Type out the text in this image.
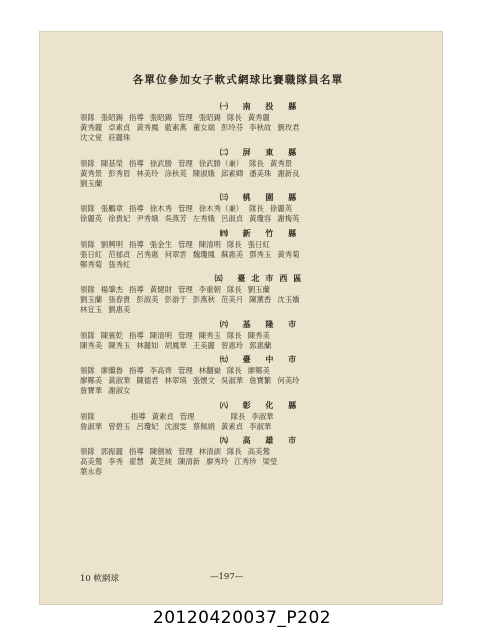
各單位參加女子軟式網球比賽職隊員名單
㈠ 南 投 縣
領隊 張昭錫 指導 張昭錫 管理 張昭錫 隊長 黃秀麗
黃秀麗 卓素貞 黃秀鳳 藍素燕 董女端 彭玲芬 李秋故 劉玫君
沈文覚 莊麗珠
㈡ 屏 東 縣
領隊 陳基榮 指導 徐武勝 管理 徐武勝（兼） 隊長 黃秀景
黃秀景 彭秀眉 林美玲 涂秋英 陳淑娥 邱素卿 潘美珠 謝新良
劉玉蘭
㈢ 桃 園 縣
領隊 張鵬章 指導 徐木秀 管理 徐木秀（兼） 隊長 徐麗英
徐麗英 徐貴妃 尹秀娥 吳燕芳 左秀娥 呂淑貞 黃瓊容 謝梅英
㈣ 新 竹 縣
領隊 劉興明 指導 張金生 管理 陳清明 隊長 張日紅
張日紅 范郁貞 呂秀惠 何翠雲 魏瓊鳳 蘇惠美 鄧秀玉 黃秀菊
鄭秀菊 張秀紅
㈤ 臺北市西區
領隊 楊肇杰 指導 黃健財 管理 李重朝 隊長 劉玉蘭
劉玉蘭 張春貴 彭淑美 彭游于 彭燕秋 范美月 陳薰香 沈玉嬌
林宜玉 劉惠美
㈥ 基 隆 市
領隊 陳賓乾 指導 陳清明 管理 陳秀玉 隊長 陳秀美
陳秀美 陳秀玉 林麗如 胡鳳華 王美麗 曾惠玲 郭惠蘭
㈦ 臺 中 市
領隊 廖繼魯 指導 李高齊 管理 林翻嶽 隊長 廖鄭美
廖鄭美 黃淑華 陳德君 林翠瑛 張懷文 吳淑華 詹寶繁 何美玲
詹寶華 謝淑女
㈧ 彰 化 縣
領隊	指導 黃素貞 管理	隊長 李淑華
詹淑華 曾碧玉 呂瓊妃 沈淑雯 蔡佩娟 黃素貞 李淑華
㈨ 高 雄 市
領隊 郭振麗 指導 陳劍城 管理 林清訓 隊長 高美鶯
高美鶯 李秀 翟慧 黃芝純 陳清新 廖秀玲 江秀珍 梁瑩
葉永春
10 軟網球	—197—
20120420037_P202
